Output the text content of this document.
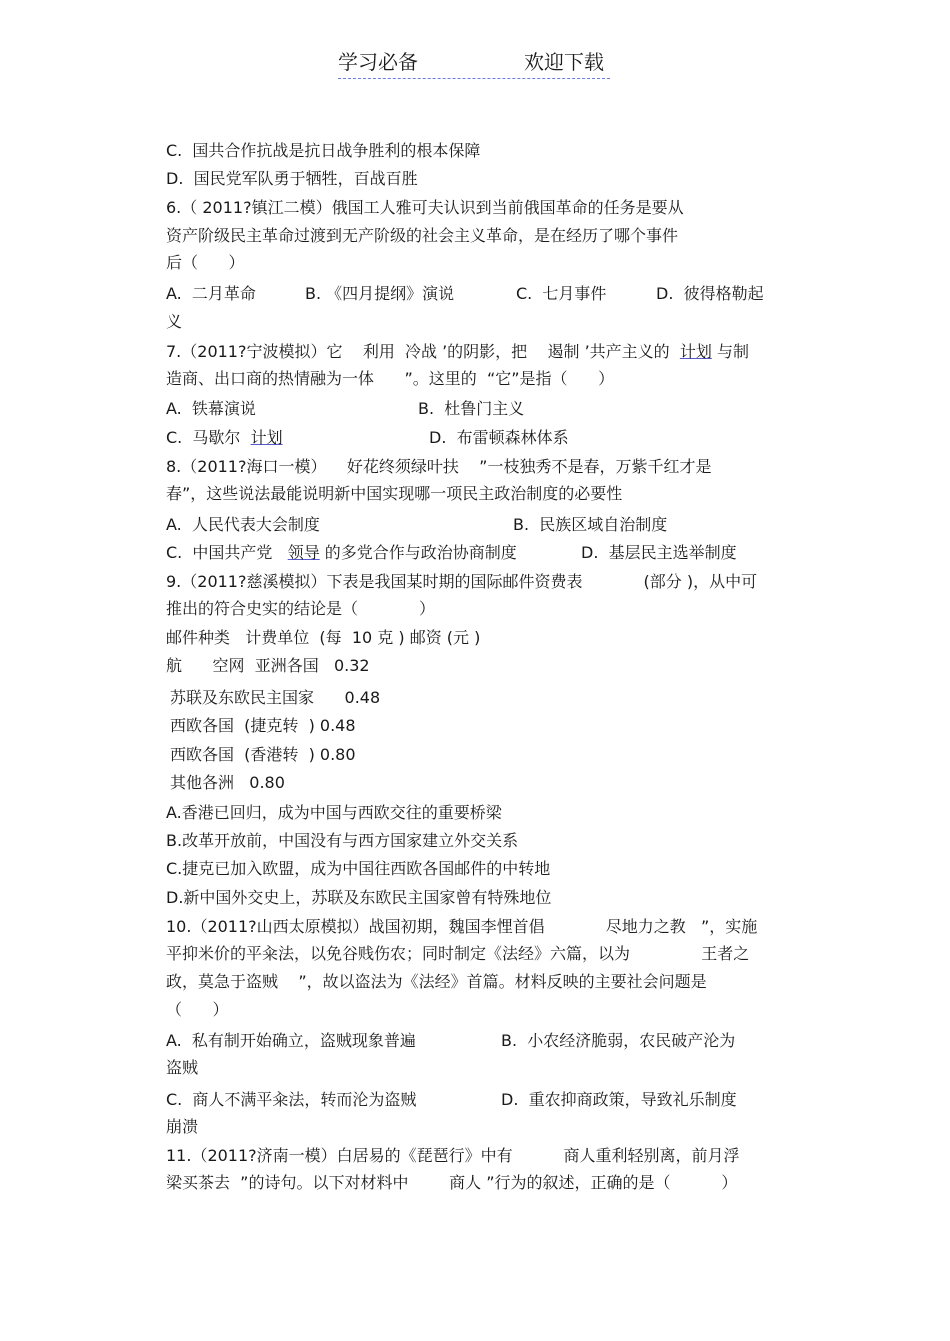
学习必备	欢迎下载
C.  国共合作抗战是抗日战争胜利的根本保障
D.  国民党军队勇于牺牲，百战百胜
6.（ 2011?镇江二模）俄国工人雅可夫认识到当前俄国革命的任务是要从
资产阶级民主革命过渡到无产阶级的社会主义革命，是在经历了哪个事件
后（      ）
A.  二月革命	B. 《四月提纲》演说	C.  七月事件	D.  彼得格勒起
义
7.（2011?宁波模拟）它    利用  冷战 ’的阴影，把    遏制 ’共产主义的  计划 与制
造商、出口商的热情融为一体      ”。这里的  “它”是指（      ）
A.  铁幕演说	B.  杜鲁门主义
C.  马歇尔  计划	D.  布雷顿森林体系
8.（2011?海口一模）    好花终须绿叶扶    ”一枝独秀不是春，万紫千红才是
春”，这些说法最能说明新中国实现哪一项民主政治制度的必要性
A.  人民代表大会制度	B.  民族区域自治制度
C.  中国共产党   领导 的多党合作与政治协商制度	D.  基层民主选举制度
9.（2011?慈溪模拟）下表是我国某时期的国际邮件资费表            (部分 )，从中可
推出的符合史实的结论是（            ）
邮件种类   计费单位  (每  10 克 ) 邮资 (元 )
航      空网  亚洲各国   0.32
苏联及东欧民主国家      0.48
西欧各国  (捷克转  ) 0.48
西欧各国  (香港转  ) 0.80
其他各洲   0.80
A.香港已回归，成为中国与西欧交往的重要桥梁
B.改革开放前，中国没有与西方国家建立外交关系
C.捷克已加入欧盟，成为中国往西欧各国邮件的中转地
D.新中国外交史上，苏联及东欧民主国家曾有特殊地位
10.（2011?山西太原模拟）战国初期，魏国李悝首倡            尽地力之教   ”，实施
平抑米价的平籴法，以免谷贱伤农；同时制定《法经》六篇，以为              王者之
政，莫急于盗贼    ”，故以盗法为《法经》首篇。材料反映的主要社会问题是
（      ）
A.  私有制开始确立，盗贼现象普遍	B.  小农经济脆弱，农民破产沦为
盗贼
C.  商人不满平籴法，转而沦为盗贼	D.  重农抑商政策，导致礼乐制度
崩溃
11.（2011?济南一模）白居易的《琵琶行》中有          商人重利轻别离，前月浮
梁买茶去  ”的诗句。以下对材料中        商人 ”行为的叙述，正确的是（          ）
